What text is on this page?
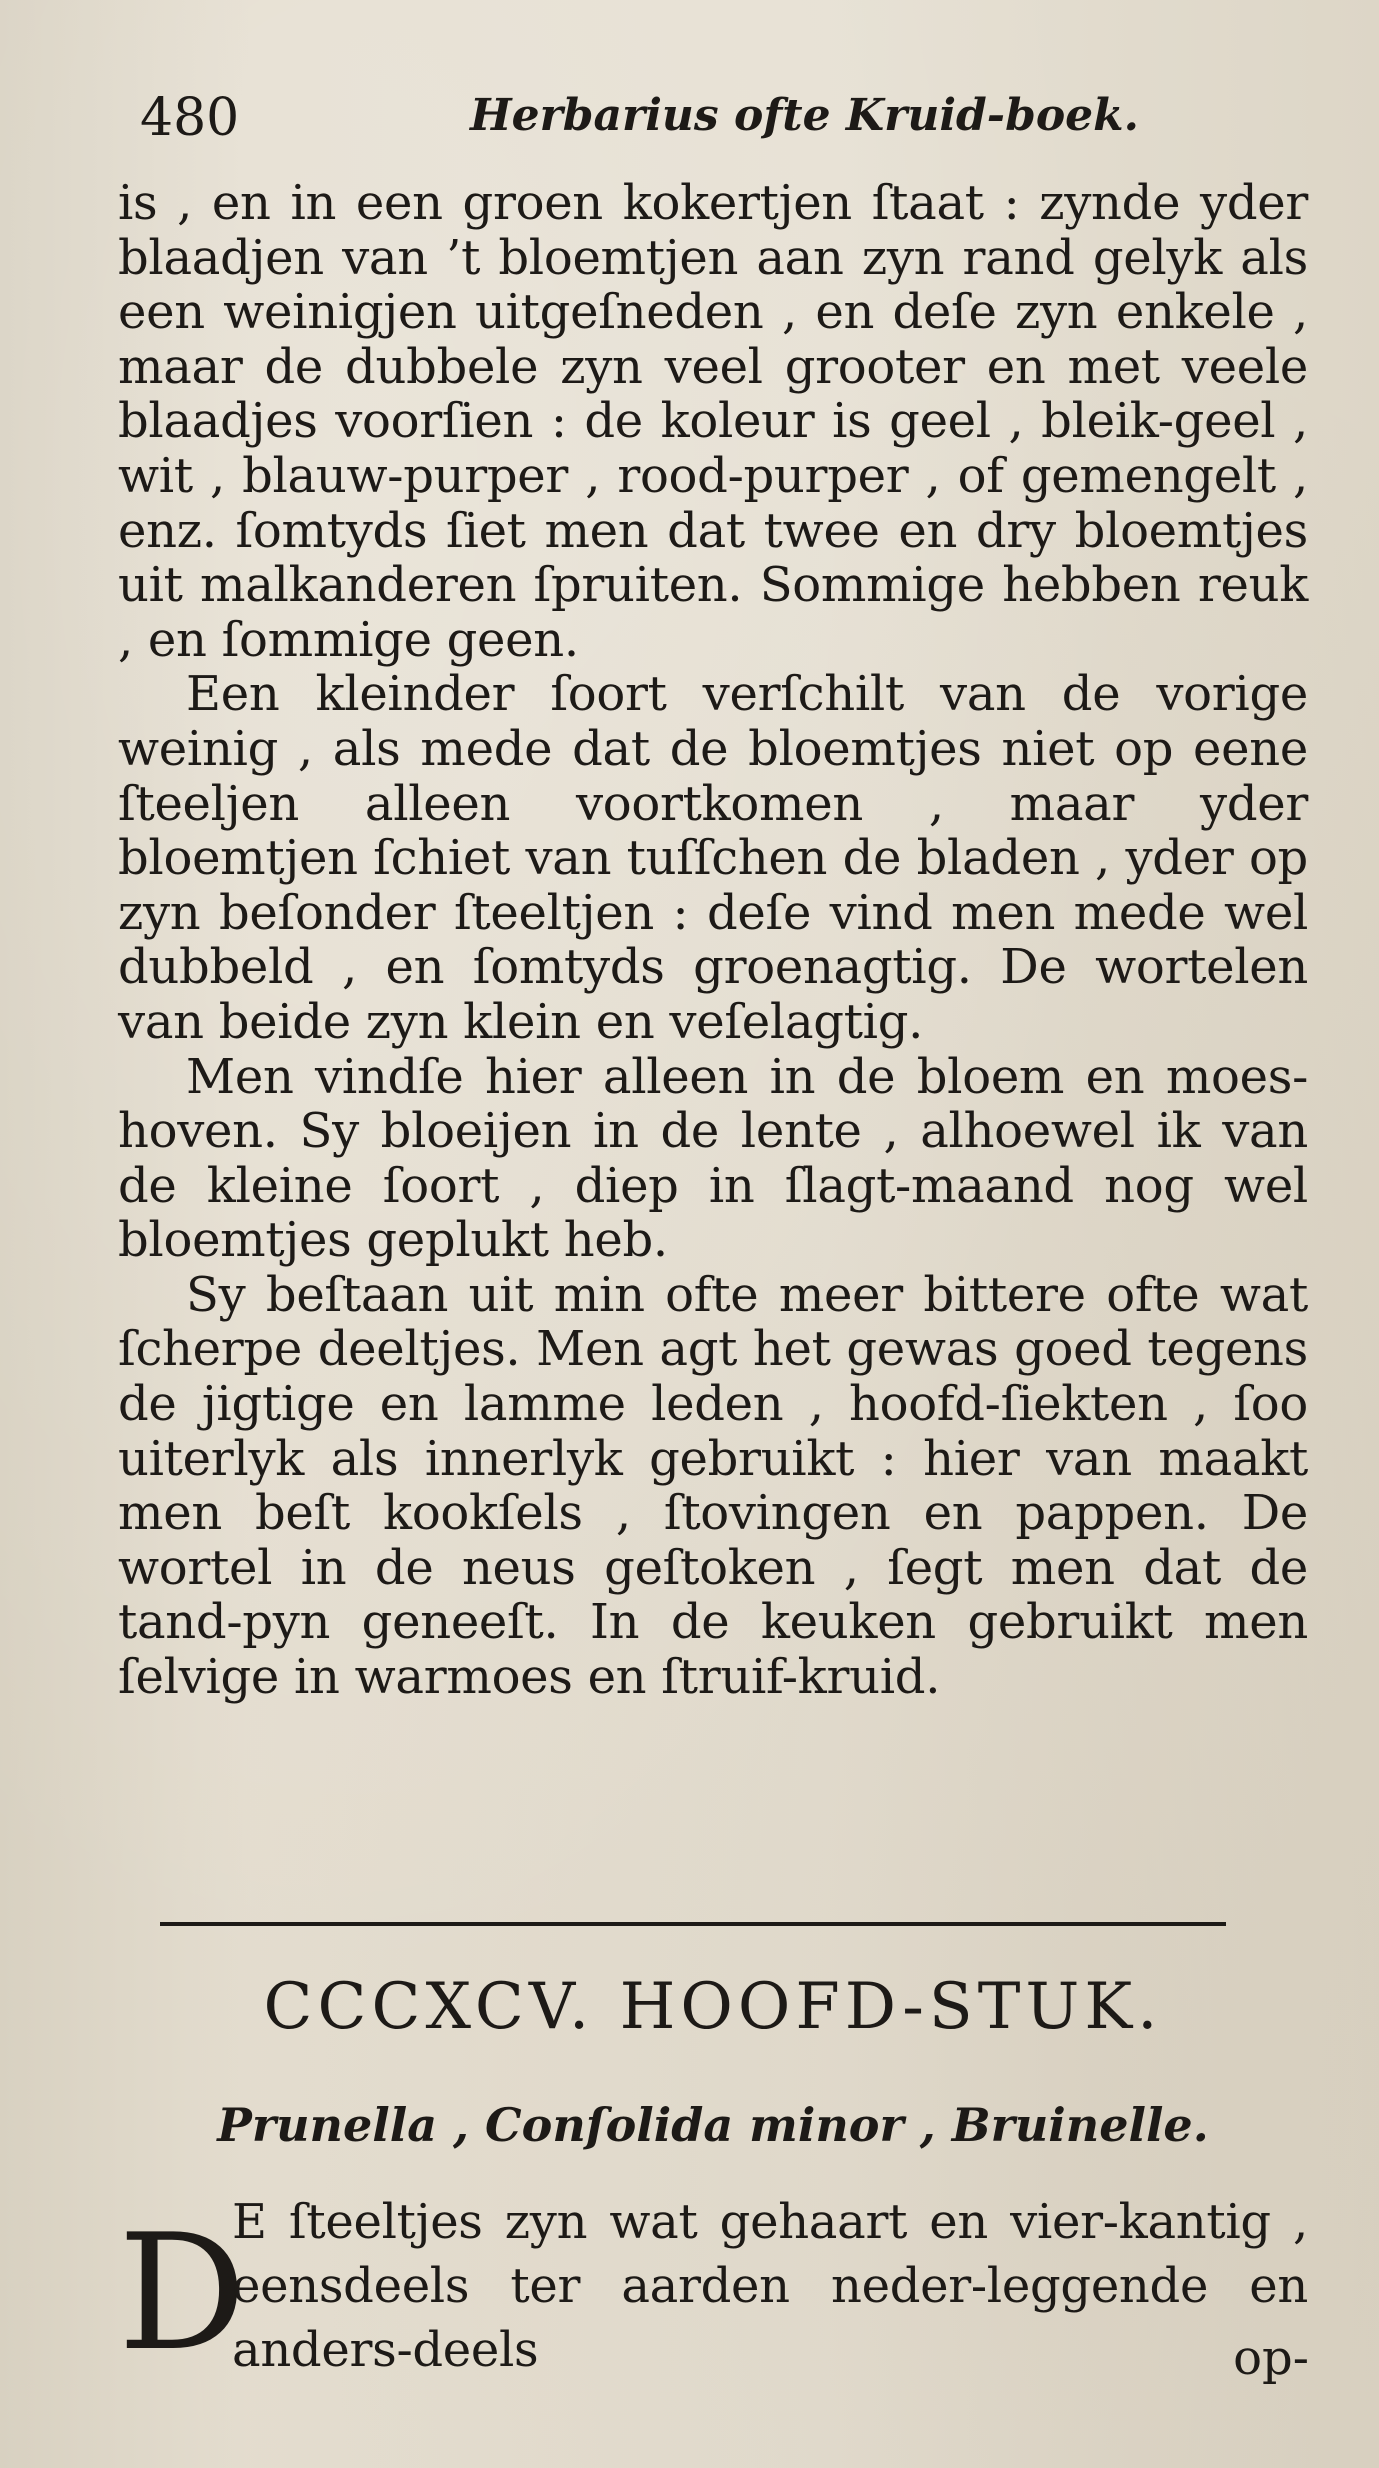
480	Herbarius ofte Kruid-boek.

is , en in een groen kokertjen ſtaat : zynde yder blaadjen van ’t bloemtjen aan zyn rand gelyk als een weinigjen uitgeſneden , en deſe zyn enkele , maar de dubbele zyn veel grooter en met veele blaadjes voorſien : de koleur is geel , bleik-geel , wit , blauw-purper , rood-purper , of gemengelt , enz. ſomtyds ſiet men dat twee en dry bloemtjes uit malkanderen ſpruiten. Sommige hebben reuk , en ſommige geen.

Een kleinder ſoort verſchilt van de vorige weinig , als mede dat de bloemtjes niet op eene ſteeljen alleen voortkomen , maar yder bloemtjen ſchiet van tuſſchen de bladen , yder op zyn beſonder ſteeltjen : deſe vind men mede wel dubbeld , en ſomtyds groenagtig. De wortelen van beide zyn klein en veſelagtig.

Men vindſe hier alleen in de bloem en moes-hoven. Sy bloeijen in de lente , alhoewel ik van de kleine ſoort , diep in ſlagt-maand nog wel bloemtjes geplukt heb.

Sy beſtaan uit min ofte meer bittere ofte wat ſcherpe deeltjes. Men agt het gewas goed tegens de jigtige en lamme leden , hoofd-ſiekten , ſoo uiterlyk als innerlyk gebruikt : hier van maakt men beſt kookſels , ſtovingen en pappen. De wortel in de neus geſtoken , ſegt men dat de tand-pyn geneeſt. In de keuken gebruikt men ſelvige in warmoes en ſtruif-kruid.

CCCXCV. HOOFD-STUK.
Prunella , Conſolida minor , Bruinelle.
D
E ſteeltjes zyn wat gehaart en vier-kantig , eensdeels ter aarden neder-leggende en anders-deels	op-
